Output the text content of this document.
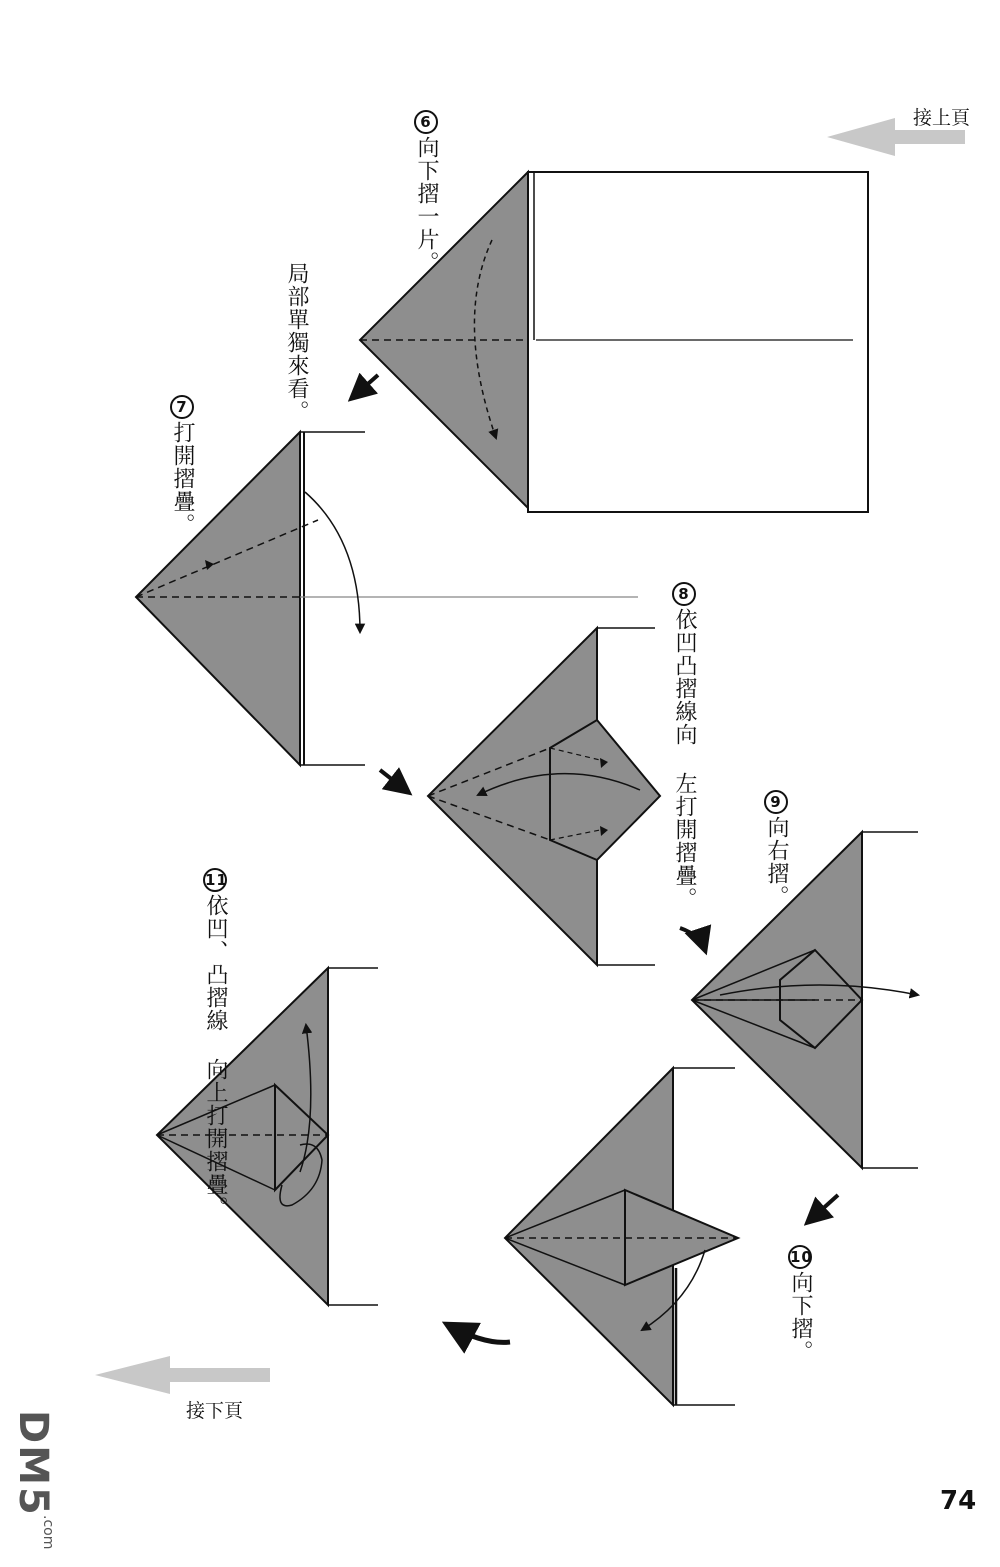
接上頁
接下頁
6向下摺一片。
局部單獨來看。
7打開摺疊。
8依凹凸摺線向左打開摺疊。	9向右摺。
10向下摺。
11依凹、凸摺線向上打開摺疊。
74
DM5
.com
